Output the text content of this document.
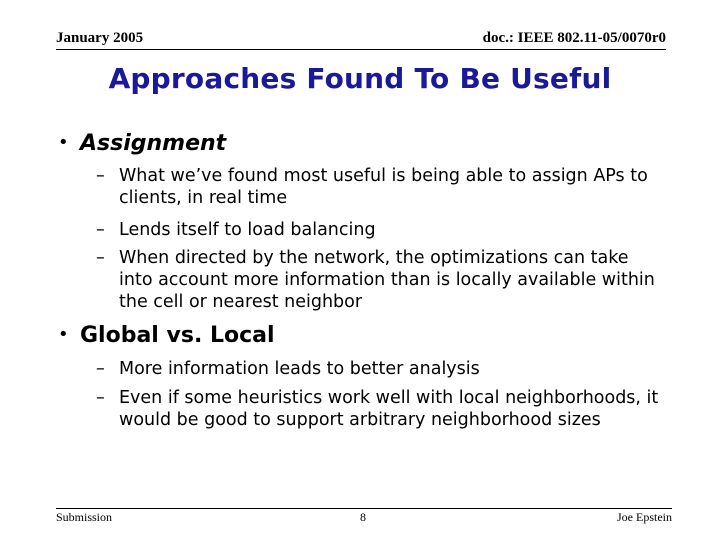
January 2005	doc.: IEEE 802.11-05/0070r0
Approaches Found To Be Useful
• Assignment
– What we’ve found most useful is being able to assign APs to clients, in real time
– Lends itself to load balancing
– When directed by the network, the optimizations can take into account more information than is locally available within the cell or nearest neighbor
• Global vs. Local
– More information leads to better analysis
– Even if some heuristics work well with local neighborhoods, it would be good to support arbitrary neighborhood sizes
Submission	8	Joe Epstein
